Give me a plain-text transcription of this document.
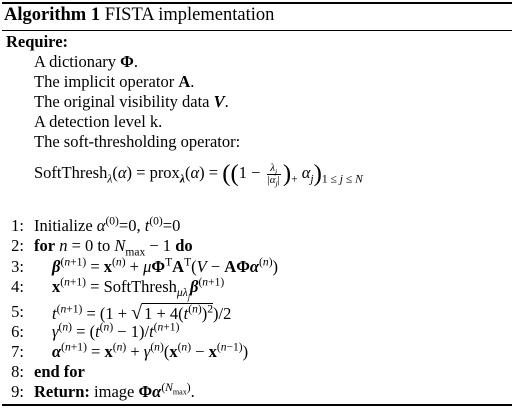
Algorithm 1 FISTA implementation
Require:
A dictionary Φ.
The implicit operator A.
The original visibility data V.
A detection level k.
The soft-thresholding operator:
SoftThresh$_\lambda$(α) = prox$_\lambda$(α) = ($(1 - \frac{\lambda_j}{|\alpha_j|} )_+$ $\alpha_j)_{1 \le j \le N}$
1: Initialize $\alpha^{(0)}=0$, $t^{(0)}=0$
2: for n = 0 to $N_{max} - 1$ do
3: $\beta^{(n+1)} = x^{(n)} + \mu\Phi^TA^T(V - A\Phi\alpha^{(n)})$
4: $x^{(n+1)}$ = $SoftThresh_{\mu\lambda_j}\beta^{(n+1)}$
5: $t^{(n+1)} = (1$ + √ $1 + 4(t^{(n)})^2)/2$
6: $\gamma^{(n)} = (t^{(n)} - 1)/t^{(n+1)}$
7: $\alpha^{(n+1)} = x^{(n)} + \gamma^{(n)}(x^{(n)} - x^{(n-1)})$
8: end for
9: Return: image $\Phi\alpha^{(N_{max})}$.
